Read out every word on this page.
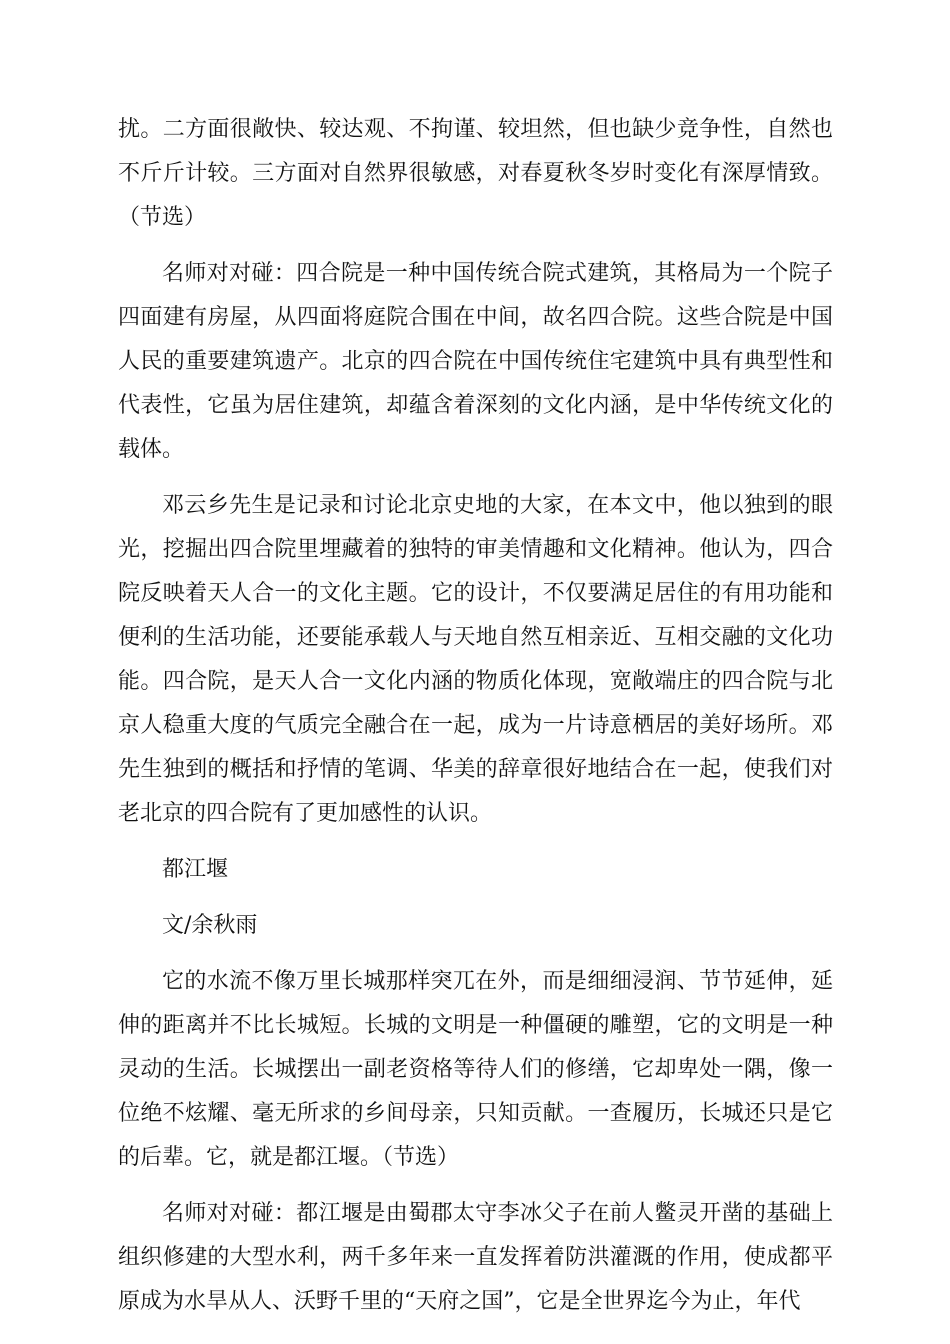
扰。二方面很敞快、较达观、不拘谨、较坦然，但也缺少竞争性，自然也不斤斤计较。三方面对自然界很敏感，对春夏秋冬岁时变化有深厚情致。（节选）

名师对对碰：四合院是一种中国传统合院式建筑，其格局为一个院子四面建有房屋，从四面将庭院合围在中间，故名四合院。这些合院是中国人民的重要建筑遗产。北京的四合院在中国传统住宅建筑中具有典型性和代表性，它虽为居住建筑，却蕴含着深刻的文化内涵，是中华传统文化的载体。

邓云乡先生是记录和讨论北京史地的大家，在本文中，他以独到的眼光，挖掘出四合院里埋藏着的独特的审美情趣和文化精神。他认为，四合院反映着天人合一的文化主题。它的设计，不仅要满足居住的有用功能和便利的生活功能，还要能承载人与天地自然互相亲近、互相交融的文化功能。四合院，是天人合一文化内涵的物质化体现，宽敞端庄的四合院与北京人稳重大度的气质完全融合在一起，成为一片诗意栖居的美好场所。邓先生独到的概括和抒情的笔调、华美的辞章很好地结合在一起，使我们对老北京的四合院有了更加感性的认识。

都江堰

文/余秋雨

它的水流不像万里长城那样突兀在外，而是细细浸润、节节延伸，延伸的距离并不比长城短。长城的文明是一种僵硬的雕塑，它的文明是一种灵动的生活。长城摆出一副老资格等待人们的修缮，它却卑处一隅，像一位绝不炫耀、毫无所求的乡间母亲，只知贡献。一查履历，长城还只是它的后辈。它，就是都江堰。（节选）

名师对对碰：都江堰是由蜀郡太守李冰父子在前人鳖灵开凿的基础上组织修建的大型水利，两千多年来一直发挥着防洪灌溉的作用，使成都平原成为水旱从人、沃野千里的“天府之国”，它是全世界迄今为止，年代
